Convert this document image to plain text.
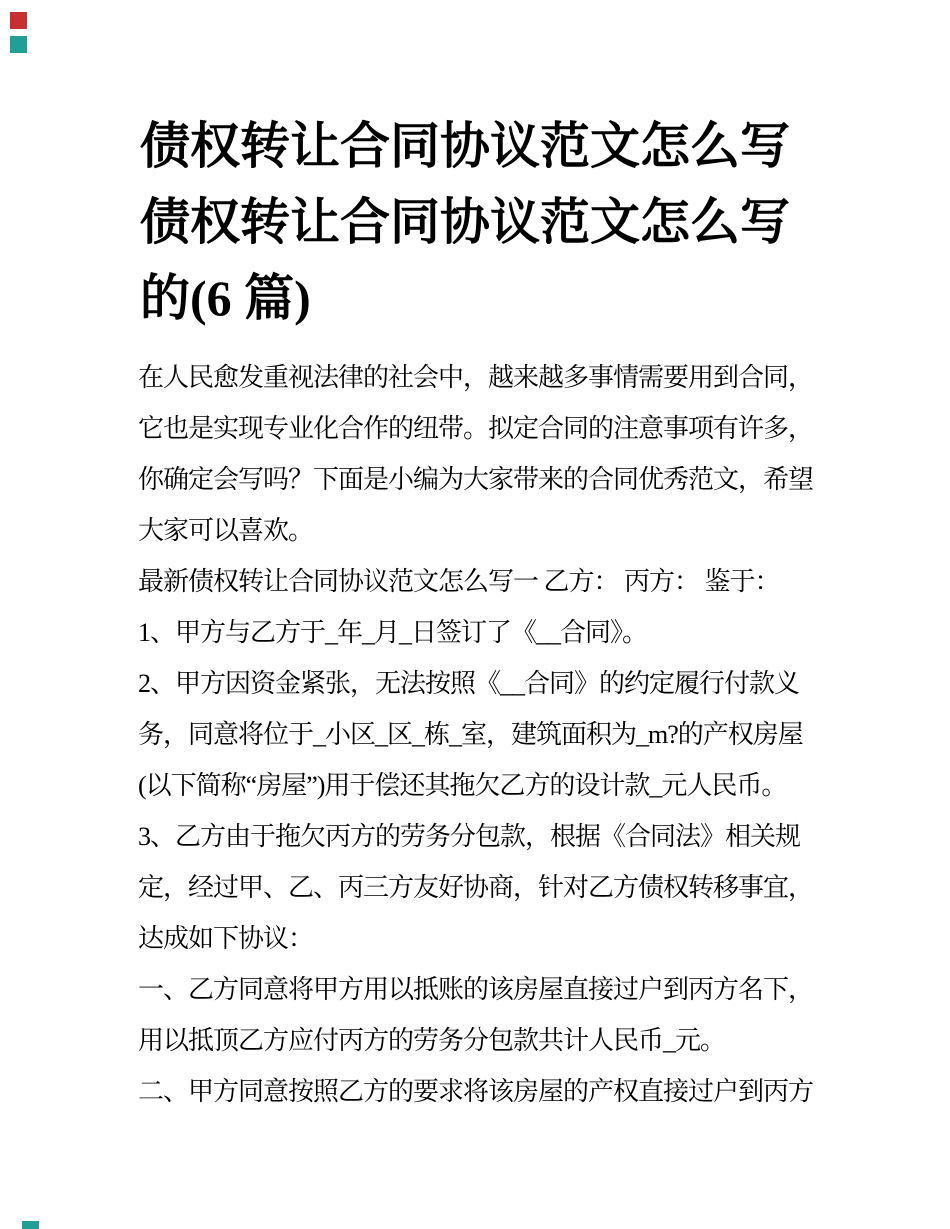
债权转让合同协议范文怎么写
债权转让合同协议范文怎么写
的(6 篇)
在人民愈发重视法律的社会中，越来越多事情需要用到合同，
它也是实现专业化合作的纽带。拟定合同的注意事项有许多，
你确定会写吗？下面是小编为大家带来的合同优秀范文，希望
大家可以喜欢。
最新债权转让合同协议范文怎么写一 乙方： 丙方： 鉴于：
1、甲方与乙方于_年_月_日签订了《__合同》。
2、甲方因资金紧张，无法按照《__合同》的约定履行付款义
务，同意将位于_小区_区_栋_室，建筑面积为_m?的产权房屋
(以下简称“房屋”)用于偿还其拖欠乙方的设计款_元人民币。
3、乙方由于拖欠丙方的劳务分包款，根据《合同法》相关规
定，经过甲、乙、丙三方友好协商，针对乙方债权转移事宜，
达成如下协议：
一、乙方同意将甲方用以抵账的该房屋直接过户到丙方名下，
用以抵顶乙方应付丙方的劳务分包款共计人民币_元。
二、甲方同意按照乙方的要求将该房屋的产权直接过户到丙方
